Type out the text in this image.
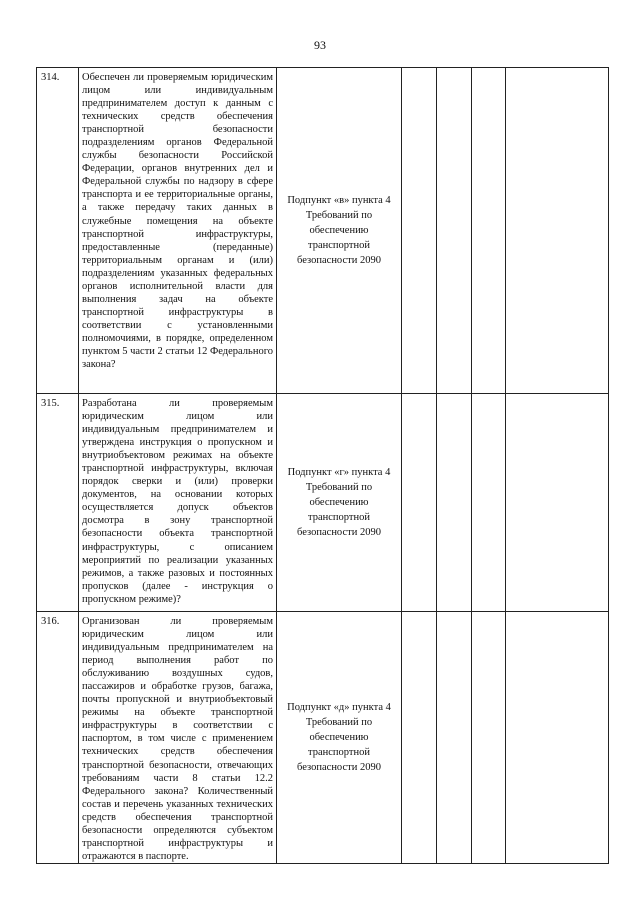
93
314.	Обеспечен ли проверяемым юридическим лицом или индивидуальным предпринимателем доступ к данным с технических средств обеспечения транспортной безопасности подразделениям органов Федеральной службы безопасности Российской Федерации, органов внутренних дел и Федеральной службы по надзору в сфере транспорта и ее территориальные органы, а также передачу таких данных в служебные помещения на объекте транспортной инфраструктуры, предоставленные (переданные) территориальным органам и (или) подразделениям указанных федеральных органов исполнительной власти для выполнения задач на объекте транспортной инфраструктуры в соответствии с установленными полномочиями, в порядке, определенном пунктом 5 части 2 статьи 12 Федерального закона?	Подпункт «в» пункта 4 Требований по обеспечению транспортной безопасности 2090				
315.	Разработана ли проверяемым юридическим лицом или индивидуальным предпринимателем и утверждена инструкция о пропускном и внутриобъектовом режимах на объекте транспортной инфраструктуры, включая порядок сверки и (или) проверки документов, на основании которых осуществляется допуск объектов досмотра в зону транспортной безопасности объекта транспортной инфраструктуры, с описанием мероприятий по реализации указанных режимов, а также разовых и постоянных пропусков (далее - инструкция о пропускном режиме)?	Подпункт «г» пункта 4 Требований по обеспечению транспортной безопасности 2090				
316.	Организован ли проверяемым юридическим лицом или индивидуальным предпринимателем на период выполнения работ по обслуживанию воздушных судов, пассажиров и обработке грузов, багажа, почты пропускной и внутриобъектовый режимы на объекте транспортной инфраструктуры в соответствии с паспортом, в том числе с применением технических средств обеспечения транспортной безопасности, отвечающих требованиям части 8 статьи 12.2 Федерального закона? Количественный состав и перечень указанных технических средств обеспечения транспортной безопасности определяются субъектом транспортной инфраструктуры и отражаются в паспорте.	Подпункт «д» пункта 4 Требований по обеспечению транспортной безопасности 2090				
